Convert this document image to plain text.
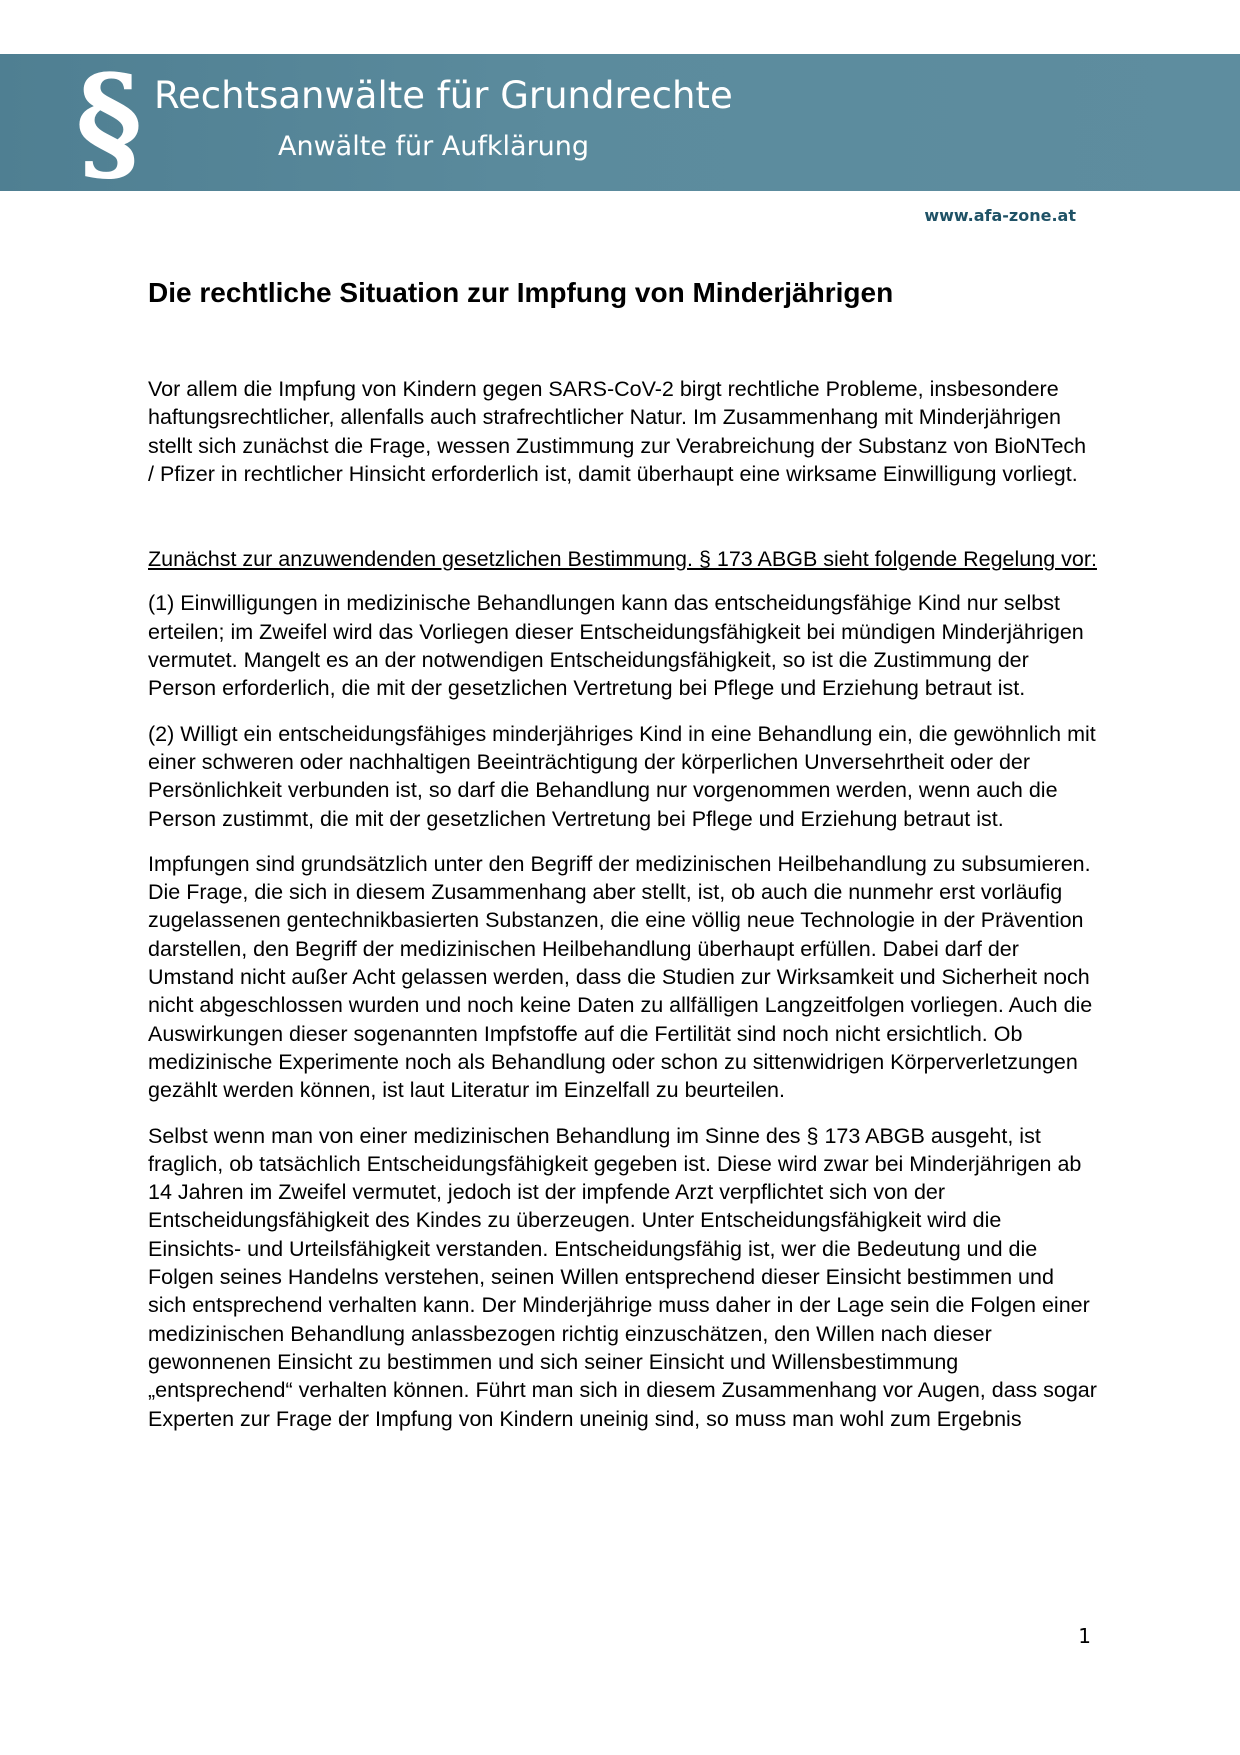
§ Rechtsanwälte für Grundrechte
Anwälte für Aufklärung
www.afa-zone.at
Die rechtliche Situation zur Impfung von Minderjährigen

Vor allem die Impfung von Kindern gegen SARS-CoV-2 birgt rechtliche Probleme, insbesondere haftungsrechtlicher, allenfalls auch strafrechtlicher Natur. Im Zusammenhang mit Minderjährigen stellt sich zunächst die Frage, wessen Zustimmung zur Verabreichung der Substanz von BioNTech / Pfizer in rechtlicher Hinsicht erforderlich ist, damit überhaupt eine wirksame Einwilligung vorliegt.

Zunächst zur anzuwendenden gesetzlichen Bestimmung. § 173 ABGB sieht folgende Regelung vor:

(1) Einwilligungen in medizinische Behandlungen kann das entscheidungsfähige Kind nur selbst erteilen; im Zweifel wird das Vorliegen dieser Entscheidungsfähigkeit bei mündigen Minderjährigen vermutet. Mangelt es an der notwendigen Entscheidungsfähigkeit, so ist die Zustimmung der Person erforderlich, die mit der gesetzlichen Vertretung bei Pflege und Erziehung betraut ist.

(2) Willigt ein entscheidungsfähiges minderjähriges Kind in eine Behandlung ein, die gewöhnlich mit einer schweren oder nachhaltigen Beeinträchtigung der körperlichen Unversehrtheit oder der Persönlichkeit verbunden ist, so darf die Behandlung nur vorgenommen werden, wenn auch die Person zustimmt, die mit der gesetzlichen Vertretung bei Pflege und Erziehung betraut ist.

Impfungen sind grundsätzlich unter den Begriff der medizinischen Heilbehandlung zu subsumieren. Die Frage, die sich in diesem Zusammenhang aber stellt, ist, ob auch die nunmehr erst vorläufig zugelassenen gentechnikbasierten Substanzen, die eine völlig neue Technologie in der Prävention darstellen, den Begriff der medizinischen Heilbehandlung überhaupt erfüllen. Dabei darf der Umstand nicht außer Acht gelassen werden, dass die Studien zur Wirksamkeit und Sicherheit noch nicht abgeschlossen wurden und noch keine Daten zu allfälligen Langzeitfolgen vorliegen. Auch die Auswirkungen dieser sogenannten Impfstoffe auf die Fertilität sind noch nicht ersichtlich. Ob medizinische Experimente noch als Behandlung oder schon zu sittenwidrigen Körperverletzungen gezählt werden können, ist laut Literatur im Einzelfall zu beurteilen.

Selbst wenn man von einer medizinischen Behandlung im Sinne des § 173 ABGB ausgeht, ist fraglich, ob tatsächlich Entscheidungsfähigkeit gegeben ist. Diese wird zwar bei Minderjährigen ab 14 Jahren im Zweifel vermutet, jedoch ist der impfende Arzt verpflichtet sich von der Entscheidungsfähigkeit des Kindes zu überzeugen. Unter Entscheidungsfähigkeit wird die Einsichts- und Urteilsfähigkeit verstanden. Entscheidungsfähig ist, wer die Bedeutung und die Folgen seines Handelns verstehen, seinen Willen entsprechend dieser Einsicht bestimmen und sich entsprechend verhalten kann. Der Minderjährige muss daher in der Lage sein die Folgen einer medizinischen Behandlung anlassbezogen richtig einzuschätzen, den Willen nach dieser gewonnenen Einsicht zu bestimmen und sich seiner Einsicht und Willensbestimmung „entsprechend“ verhalten können. Führt man sich in diesem Zusammenhang vor Augen, dass sogar Experten zur Frage der Impfung von Kindern uneinig sind, so muss man wohl zum Ergebnis

1
